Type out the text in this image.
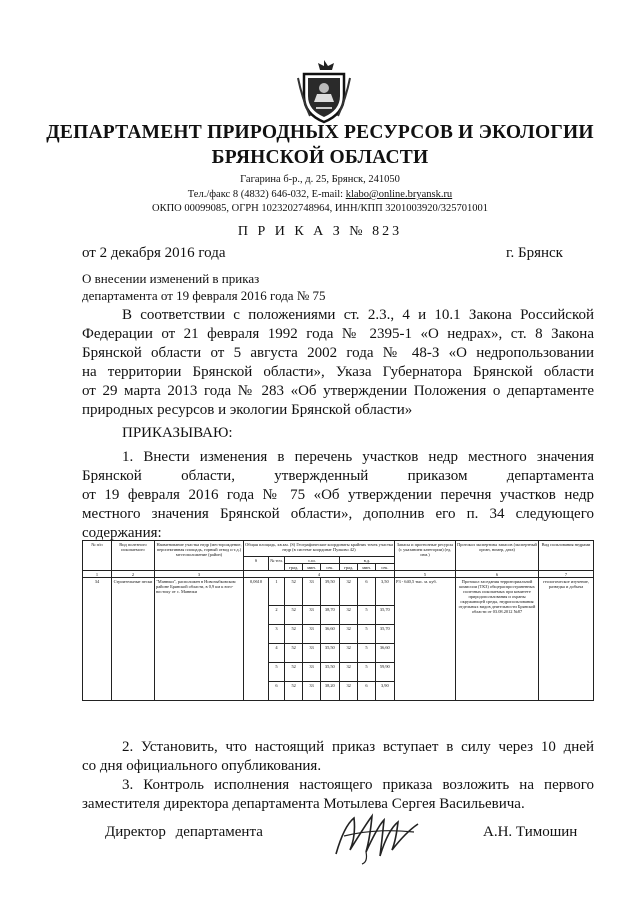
ДЕПАРТАМЕНТ ПРИРОДНЫХ РЕСУРСОВ И ЭКОЛОГИИ
БРЯНСКОЙ ОБЛАСТИ
Гагарина б-р., д. 25, Брянск, 241050
Тел./факс 8 (4832) 646-032, E-mail: klabo@online.bryansk.ru
ОКПО 00099085, ОГРН 1023202748964, ИНН/КПП 3201003920/325701001
П Р И К А З № 823
от 2 декабря 2016 года	г. Брянск
О внесении изменений в приказ
департамента от 19 февраля 2016 года № 75
В соответствии с положениями ст. 2.3., 4 и 10.1 Закона Российской
Федерации от 21 февраля 1992 года № 2395-1 «О недрах», ст. 8 Закона
Брянской области от 5 августа 2002 года № 48-З «О недропользовании
на территории Брянской области», Указа Губернатора Брянской области
от 29 марта 2013 года № 283 «Об утверждении Положения о департаменте
природных ресурсов и экологии Брянской области»
ПРИКАЗЫВАЮ:
1. Внести изменения в перечень участков недр местного значения
Брянской области, утвержденный приказом департамента
от 19 февраля 2016 года № 75 «Об утверждении перечня участков недр
местного значения Брянской области», дополнив его п. 34 следующего
содержания:
№ п/п	Вид полезного ископаемого	Наименование участка недр (месторождение, перспективная площадь, горный отвод и т.д.) местоположение (район)	Общая площадь, кв.км. (S) Географические координаты крайних точек участка недр (в системе координат Пулково 42)								Запасы и прогнозные ресурсы (с указанием категории) (ед. изм.)	Протокол экспертизы запасов (экспертный орган, номер, дата)	Вид пользования недрами
			S	№ точ.	с.ш.			в.д.					
					град.	мин.	сек.	град.	мин.	сек.			
1	2	3	4								5	6	7
34	Строительные пески	"Манюки", расположен в Новозыбковском районе Брянской области, в 0,9 км к юго-востоку от с. Манюки	0,0610	1	52	33	39,50	32	6	3,50	Р3 - 640,5 тыс. м. куб.	Протокол заседания территориальной комиссии (ТКЗ) общераспространенных полезных ископаемых при комитете природопользования и охраны окружающей среды, недропользования отдельных видов деятельности Брянской области от 03.08.2012 №87	геологическое изучение, разведка и добыча
				2	52	33	38,70	32	5	35,70			
				3	52	33	36,60	32	5	35,70			
				4	52	33	35,50	32	5	36,60			
				5	52	33	35,50	32	5	59,90			
				6	52	33	38,20	32	6	3,90			
2. Установить, что настоящий приказ вступает в силу через 10 дней
со дня официального опубликования.
3. Контроль исполнения настоящего приказа возложить на первого
заместителя директора департамента Мотылева Сергея Васильевича.
Директор департамента	А.Н. Тимошин
